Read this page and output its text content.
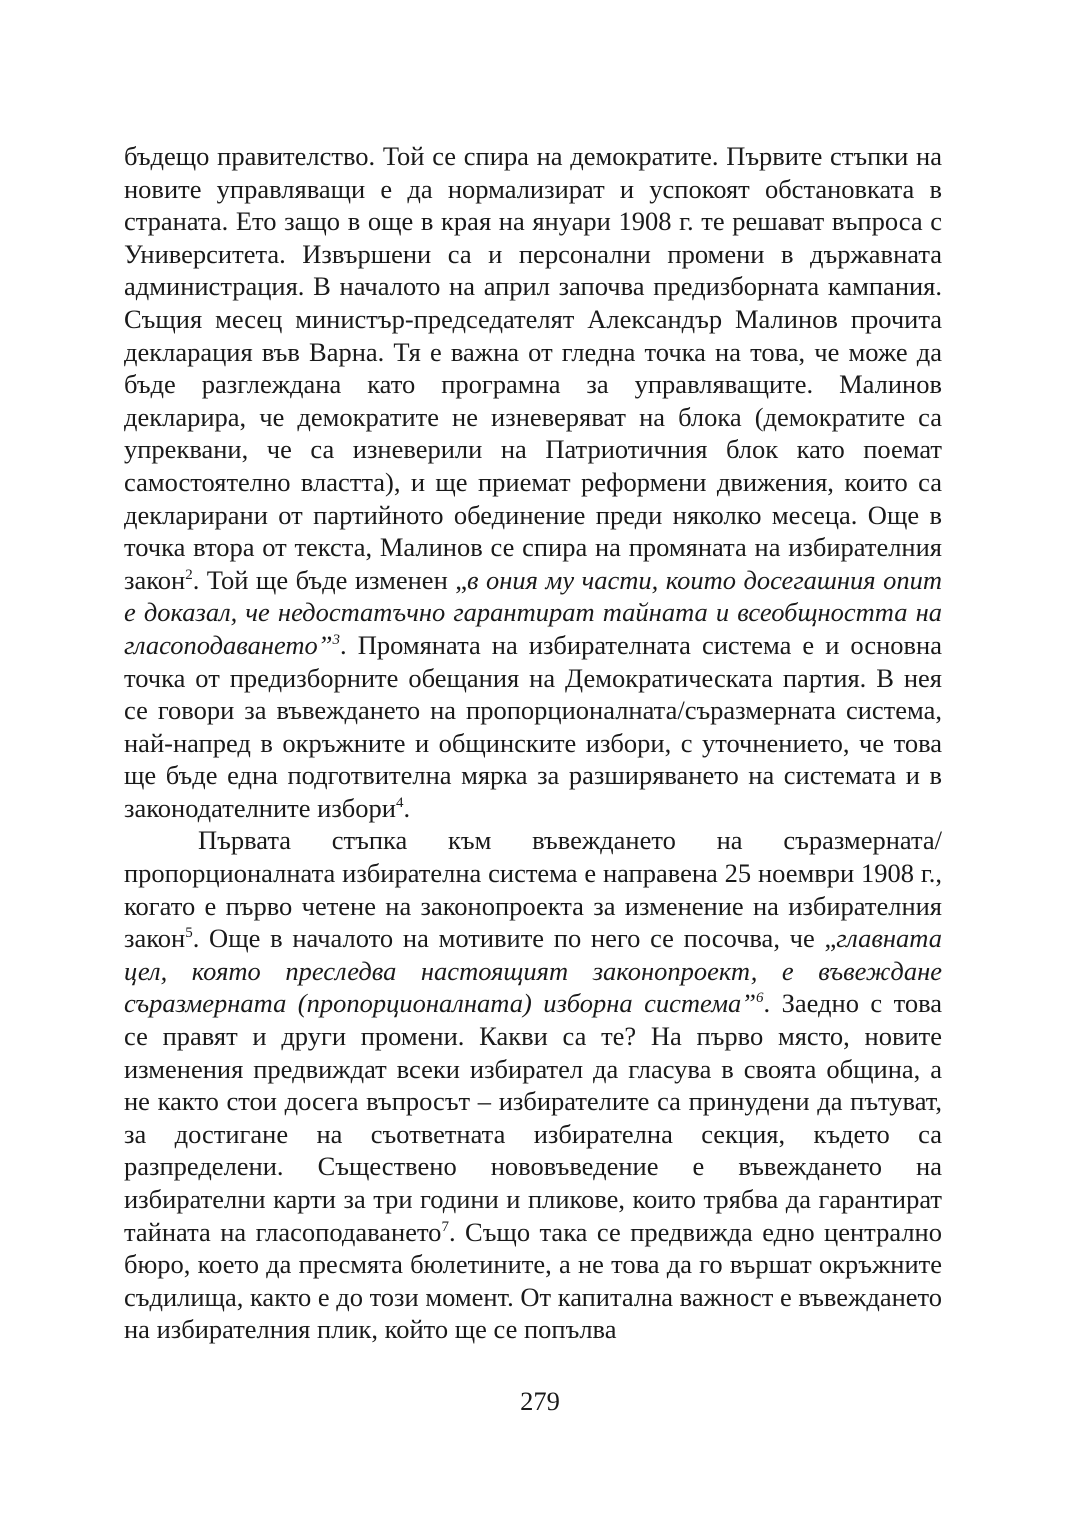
бъдещо правителство. Той се спира на демократите. Първите стъпки на новите управляващи е да нормализират и успокоят обстановката в страната. Ето защо в още в края на януари 1908 г. те решават въпроса с Университета. Извършени са и персонални промени в държавната администрация. В началото на април започва предизборната кампания. Същия месец министър-председателят Александър Малинов прочита декларация във Варна. Тя е важна от гледна точка на това, че може да бъде разглеждана като програмна за управляващите. Малинов декларира, че демократите не изневеряват на блока (демократите са упреквани, че са изневерили на Патриотичния блок като поемат самостоятелно властта), и ще приемат реформени движения, които са декларирани от партийното обединение преди няколко месеца. Още в точка втора от текста, Малинов се спира на промяната на избирателния закон$^2$. Той ще бъде изменен „в ония му части, които досегашния опит е доказал, че недостатъчно гарантират тайната и всеобщността на гласоподаването”$^3$. Промяната на избирателната система е и основна точка от предизборните обещания на Демократическата партия. В нея се говори за въвеждането на пропорционалната/съразмерната система, най-напред в окръжните и общинските избори, с уточнението, че това ще бъде една подготвителна мярка за разширяването на системата и в законодателните избори$^4$.

Първата стъпка към въвеждането на съразмерната/пропорционалната избирателна система е направена 25 ноември 1908 г., когато е първо четене на законопроекта за изменение на избирателния закон$^5$. Още в началото на мотивите по него се посочва, че „главната цел, която преследва настоящият законопроект, е въвеждане съразмерната (пропорционалната) изборна система”$^6$. Заедно с това се правят и други промени. Какви са те? На първо място, новите изменения предвиждат всеки избирател да гласува в своята община, а не както стои досега въпросът – избирателите са принудени да пътуват, за достигане на съответната избирателна секция, където са разпределени. Съществено нововъведение е въвеждането на избирателни карти за три години и пликове, които трябва да гарантират тайната на гласоподаването$^7$. Също така се предвижда едно централно бюро, което да пресмята бюлетините, а не това да го вършат окръжните съдилища, както е до този момент. От капитална важност е въвеждането на избирателния плик, който ще се попълва

279
